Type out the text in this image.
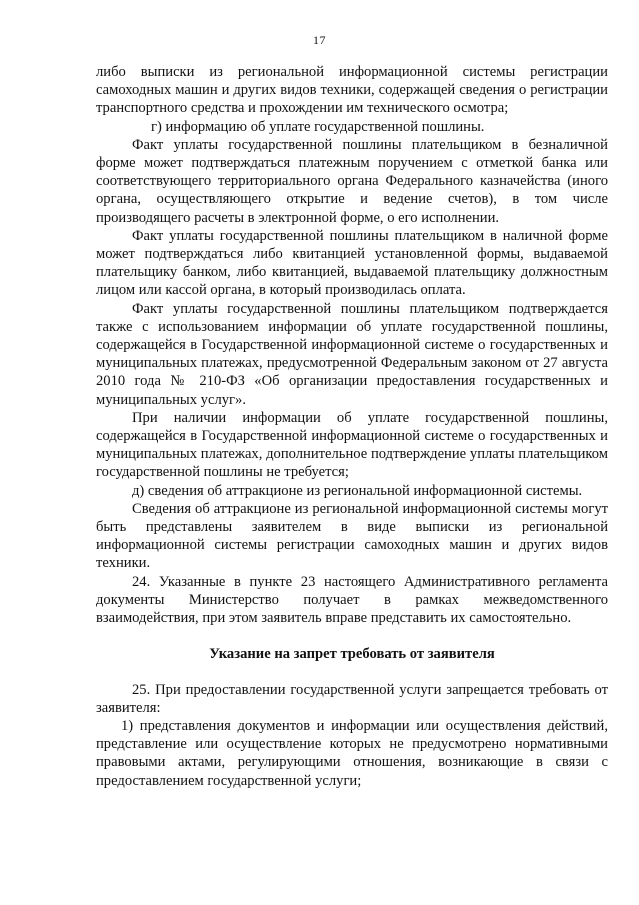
17

либо выписки из региональной информационной системы регистрации самоходных машин и других видов техники, содержащей сведения о регистрации транспортного средства и прохождении им технического осмотра;

г) информацию об уплате государственной пошлины.

Факт уплаты государственной пошлины плательщиком в безналичной форме может подтверждаться платежным поручением с отметкой банка или соответствующего территориального органа Федерального казначейства (иного органа, осуществляющего открытие и ведение счетов), в том числе производящего расчеты в электронной форме, о его исполнении.

Факт уплаты государственной пошлины плательщиком в наличной форме может подтверждаться либо квитанцией установленной формы, выдаваемой плательщику банком, либо квитанцией, выдаваемой плательщику должностным лицом или кассой органа, в который производилась оплата.

Факт уплаты государственной пошлины плательщиком подтверждается также с использованием информации об уплате государственной пошлины, содержащейся в Государственной информационной системе о государственных и муниципальных платежах, предусмотренной Федеральным законом от 27 августа 2010 года № 210-ФЗ «Об организации предоставления государственных и муниципальных услуг».

При наличии информации об уплате государственной пошлины, содержащейся в Государственной информационной системе о государственных и муниципальных платежах, дополнительное подтверждение уплаты плательщиком государственной пошлины не требуется;

д) сведения об аттракционе из региональной информационной системы.

Сведения об аттракционе из региональной информационной системы могут быть представлены заявителем в виде выписки из региональной информационной системы регистрации самоходных машин и других видов техники.

24. Указанные в пункте 23 настоящего Административного регламента документы Министерство получает в рамках межведомственного взаимодействия, при этом заявитель вправе представить их самостоятельно.

Указание на запрет требовать от заявителя

25. При предоставлении государственной услуги запрещается требовать от заявителя:

1) представления документов и информации или осуществления действий, представление или осуществление которых не предусмотрено нормативными правовыми актами, регулирующими отношения, возникающие в связи с предоставлением государственной услуги;
